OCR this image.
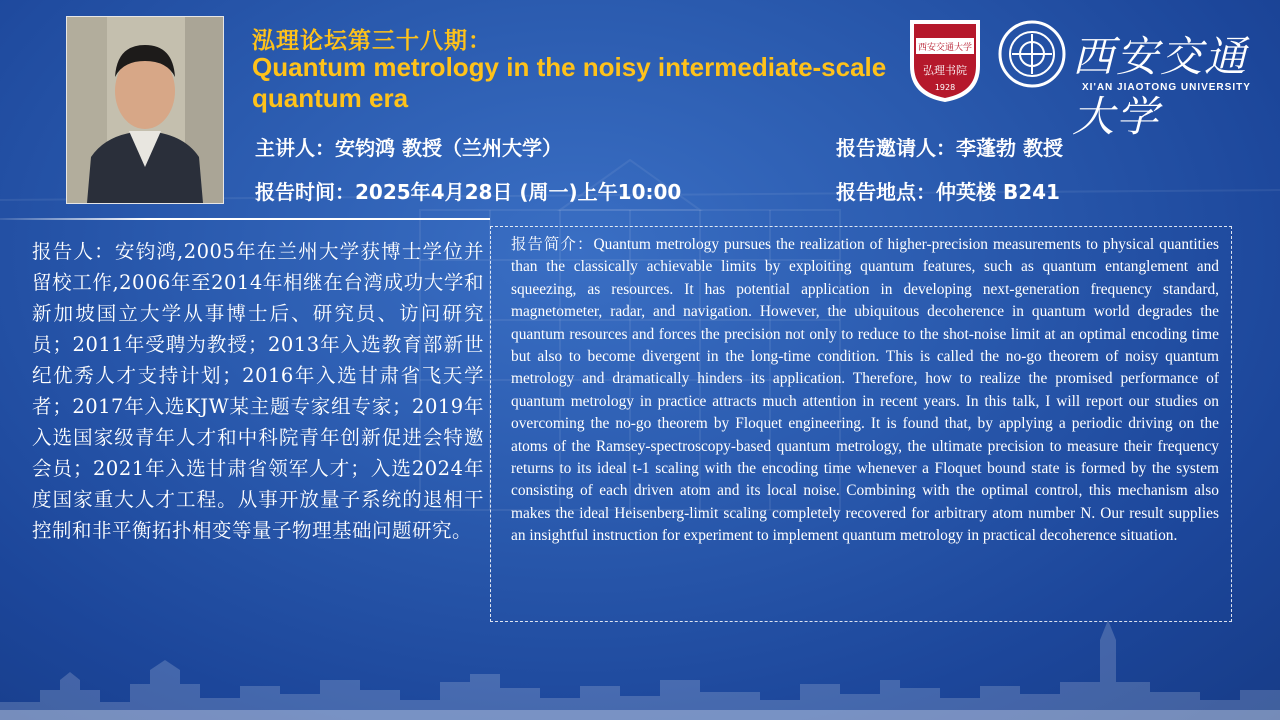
泓理论坛第三十八期：
Quantum metrology in the noisy intermediate-scale quantum era
主讲人：安钧鸿 教授（兰州大学）	报告邀请人：李蓬勃 教授
报告时间：2025年4月28日 (周一)上午10:00	报告地点：仲英楼 B241
西安交通大学
弘理书院
1928
西安交通大学
XI'AN JIAOTONG UNIVERSITY
报告人：安钧鸿,2005年在兰州大学获博士学位并留校工作,2006年至2014年相继在台湾成功大学和新加坡国立大学从事博士后、研究员、访问研究员；2011年受聘为教授；2013年入选教育部新世纪优秀人才支持计划；2016年入选甘肃省飞天学者；2017年入选KJW某主题专家组专家；2019年入选国家级青年人才和中科院青年创新促进会特邀会员；2021年入选甘肃省领军人才；入选2024年度国家重大人才工程。从事开放量子系统的退相干控制和非平衡拓扑相变等量子物理基础问题研究。
报告简介：Quantum metrology pursues the realization of higher-precision measurements to physical quantities than the classically achievable limits by exploiting quantum features, such as quantum entanglement and squeezing, as resources. It has potential application in developing next-generation frequency standard, magnetometer, radar, and navigation. However, the ubiquitous decoherence in quantum world degrades the quantum resources and forces the precision not only to reduce to the shot-noise limit at an optimal encoding time but also to become divergent in the long-time condition. This is called the no-go theorem of noisy quantum metrology and dramatically hinders its application. Therefore, how to realize the promised performance of quantum metrology in practice attracts much attention in recent years. In this talk, I will report our studies on overcoming the no-go theorem by Floquet engineering. It is found that, by applying a periodic driving on the atoms of the Ramsey-spectroscopy-based quantum metrology, the ultimate precision to measure their frequency returns to its ideal t-1 scaling with the encoding time whenever a Floquet bound state is formed by the system consisting of each driven atom and its local noise. Combining with the optimal control, this mechanism also makes the ideal Heisenberg-limit scaling completely recovered for arbitrary atom number N. Our result supplies an insightful instruction for experiment to implement quantum metrology in practical decoherence situation.
